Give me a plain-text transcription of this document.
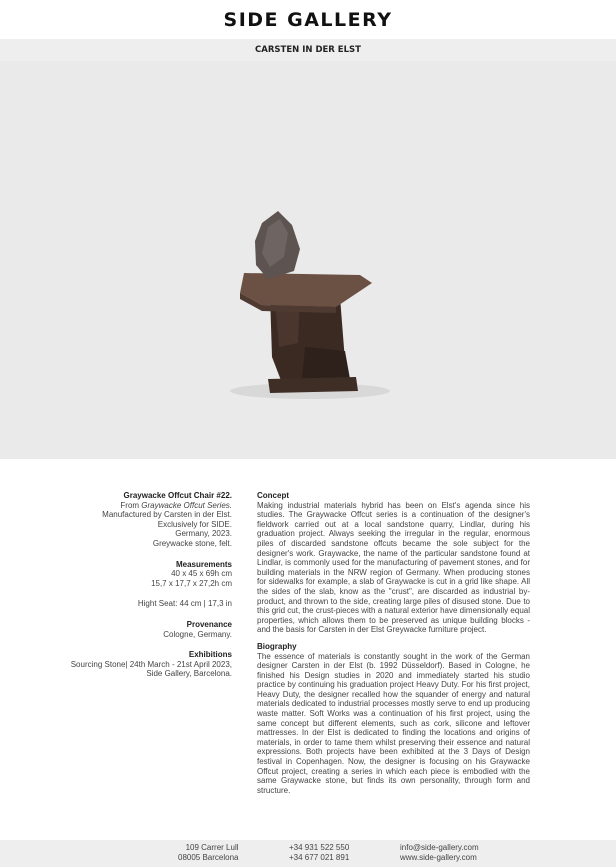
SIDE GALLERY
CARSTEN IN DER ELST
Graywacke Offcut Chair #22.
From Graywacke Offcut Series.
Manufactured by Carsten in der Elst.
Exclusively for SIDE.
Germany, 2023.
Greywacke stone, felt.
Measurements
40 x 45 x 69h cm
15,7 x 17,7 x 27,2h cm
Hight Seat: 44 cm | 17,3 in
Provenance
Cologne, Germany.
Exhibitions
Sourcing Stone| 24th March - 21st April 2023,
Side Gallery, Barcelona.
Concept

Making industrial materials hybrid has been on Elst's agenda since his studies. The Graywacke Offcut series is a continuation of the designer's fieldwork carried out at a local sandstone quarry, Lindlar, during his graduation project. Always seeking the irregular in the regular, enormous piles of discarded sandstone offcuts became the sole subject for the designer's work. Graywacke, the name of the particular sandstone found at Lindlar, is commonly used for the manufacturing of pavement stones, and for building materials in the NRW region of Germany. When producing stones for sidewalks for example, a slab of Graywacke is cut in a grid like shape. All the sides of the slab, know as the "crust", are discarded as industrial by-product, and thrown to the side, creating large piles of disused stone. Due to this grid cut, the crust-pieces with a natural exterior have dimensionally equal properties, which allows them to be preserved as unique building blocks - and the basis for Carsten in der Elst Greywacke furniture project.

Biography

The essence of materials is constantly sought in the work of the German designer Carsten in der Elst (b. 1992 Düsseldorf). Based in Cologne, he finished his Design studies in 2020 and immediately started his studio practice by continuing his graduation project Heavy Duty. For his first project, Heavy Duty, the designer recalled how the squander of energy and natural materials dedicated to industrial processes mostly serve to end up producing waste matter. Soft Works was a continuation of his first project, using the same concept but different elements, such as cork, silicone and leftover mattresses. In der Elst is dedicated to finding the locations and origins of materials, in order to tame them whilst preserving their essence and natural expressions. Both projects have been exhibited at the 3 Days of Design festival in Copenhagen. Now, the designer is focusing on his Graywacke Offcut project, creating a series in which each piece is embodied with the same Graywacke stone, but finds its own personality, through form and structure.

109 Carrer Lull
08005 Barcelona
+34 931 522 550
+34 677 021 891
info@side-gallery.com
www.side-gallery.com
